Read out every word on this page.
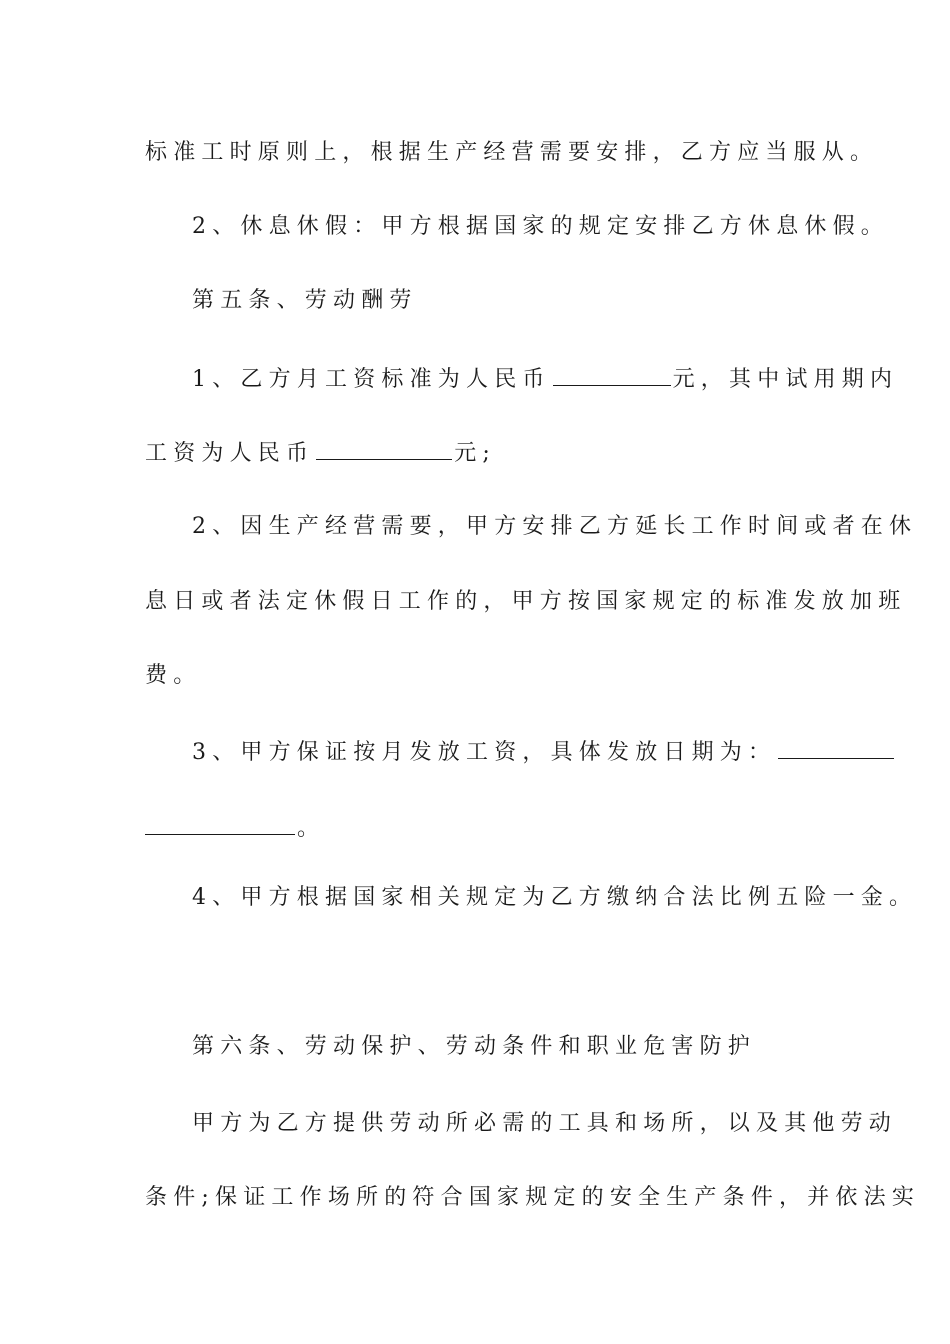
标准工时原则上，根据生产经营需要安排，乙方应当服从。
2、休息休假：甲方根据国家的规定安排乙方休息休假。
第五条、劳动酬劳
1、乙方月工资标准为人民币	元，其中试用期内
工资为人民币	元;
2、因生产经营需要，甲方安排乙方延长工作时间或者在休
息日或者法定休假日工作的，甲方按国家规定的标准发放加班
费。
3、甲方保证按月发放工资，具体发放日期为：
。
4、甲方根据国家相关规定为乙方缴纳合法比例五险一金。
第六条、劳动保护、劳动条件和职业危害防护
甲方为乙方提供劳动所必需的工具和场所，以及其他劳动
条件;保证工作场所的符合国家规定的安全生产条件，并依法实
